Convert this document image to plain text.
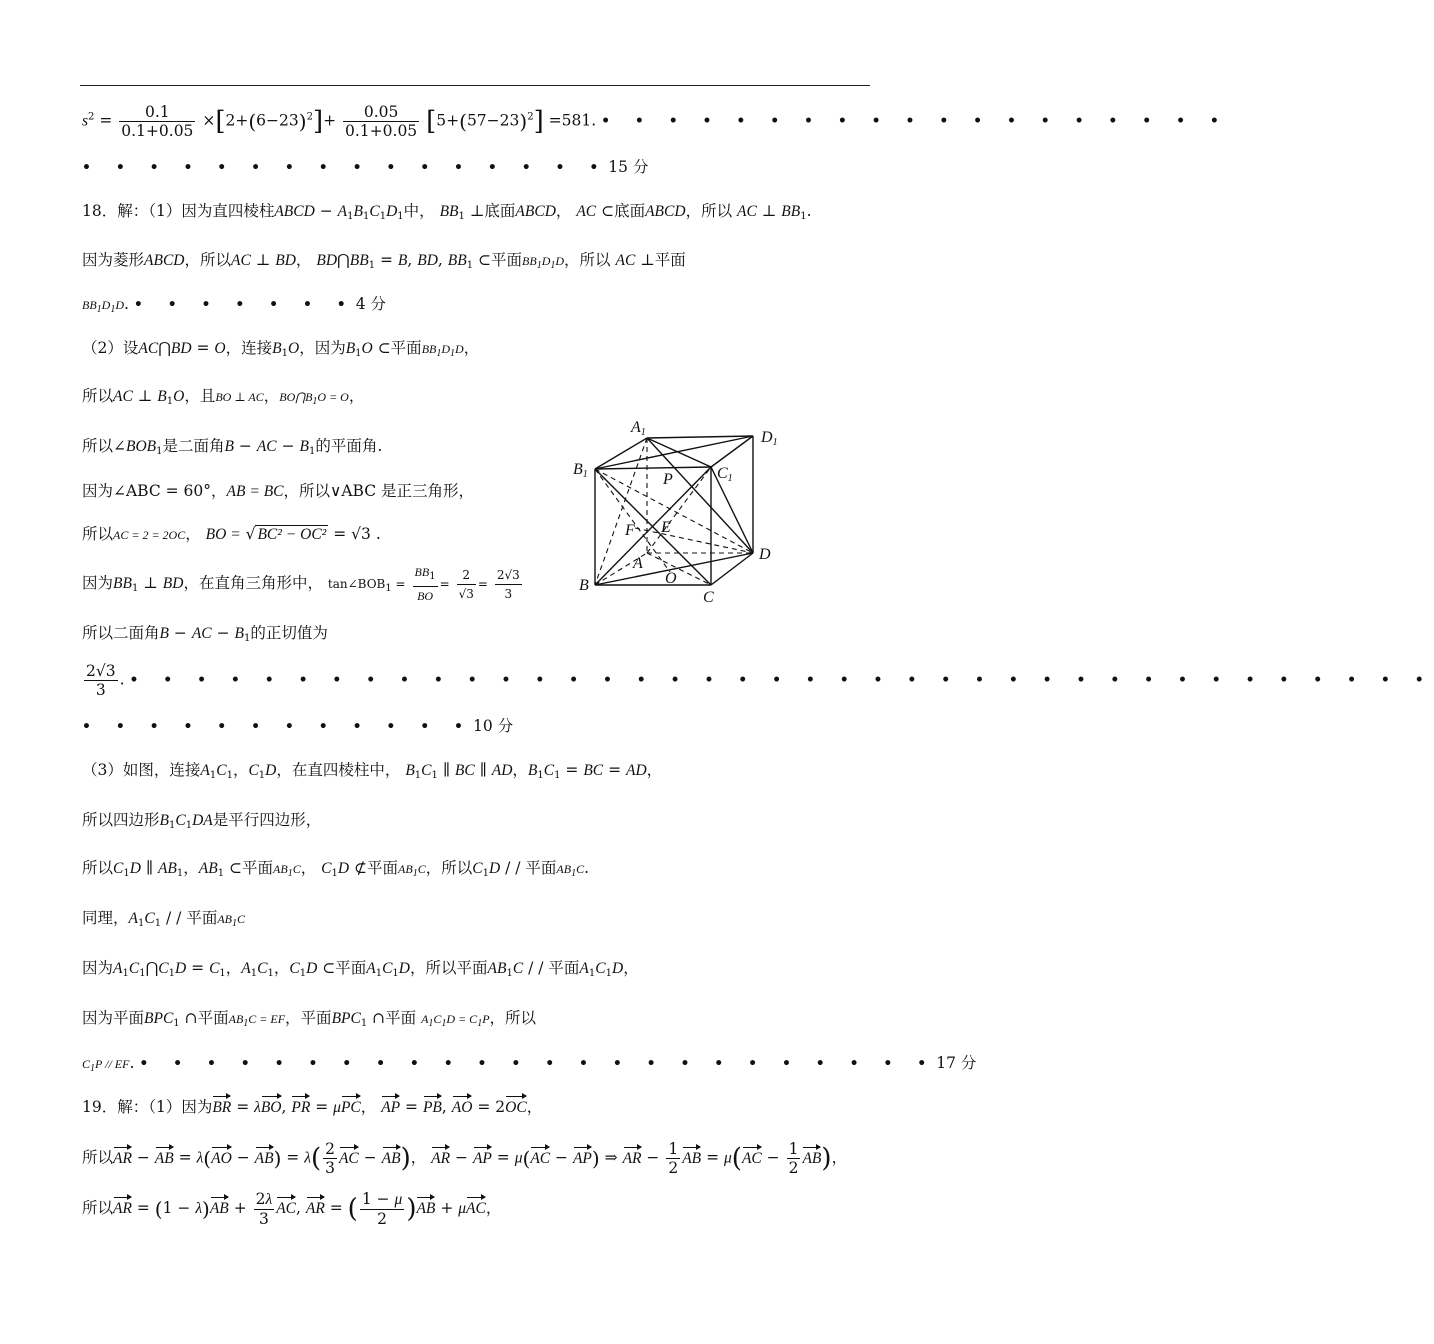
$s^2 = \frac{0.1}{0.1+0.05} \times[2+(6-23)^2]+ \frac{0.05}{0.1+0.05} [5+(57-23)^2] =581$. • • • • • • • • • • • • • • • • • • •
• • • • • • • • • • • • • • • •15 分
18．解：（1）因为直四棱柱ABCD − $A_1B_1C_1D_1$中， $BB_1$ ⊥底面ABCD， AC ⊂底面ABCD，所以 AC ⊥ $BB_1$.
因为菱形ABCD，所以AC ⊥ BD， $BD⋂BB_1 = B$, BD, $BB_1$ ⊂平面$BB_1D_1D$，所以 AC ⊥平面
$BB_1D_1D$. • • • • • • •4 分
（2）设AC⋂BD = O，连接$B_1O$，因为$B_1O$ ⊂平面$BB_1D_1D$，
所以AC ⊥ $B_1O$，且BO ⊥ AC，$BO⋂B_1O = O$，
所以$\angle BOB_1$是二面角B − AC − $B_1$的平面角.
因为∠ABC = 60°，AB = BC，所以∨ABC 是正三角形，
所以AC = 2 = 2OC， BO = √ BC² − OC² = √3 .
因为$BB_1$ ⊥ BD，在直角三角形中， $\tan\angle BOB_1 = \frac{BB_1}{BO} = \frac{2}{√3} = \frac{2√3}{3}$
所以二面角B − AC − $B_1$的正切值为
$\frac{2√3}{3}$ . • • • • • • • • • • • • • • • • • • • • • • • • • • • • • • • • • • • • • • •
• • • • • • • • • • • •10 分
（3）如图，连接$A_1C_1$，$C_1D$，在直四棱柱中， $B_1C_1$ ∥ BC ∥ AD，$B_1C_1$ = BC = AD，
所以四边形$B_1C_1DA$是平行四边形，
所以$C_1D$ ∥ $AB_1$，$AB_1$ ⊂平面$AB_1C$， $C_1D$ ⊄平面$AB_1C$，所以$C_1D$ / / 平面$AB_1C$.
同理，$A_1C_1$ / / 平面$AB_1C$
因为$A_1C_1⋂C_1D = C_1$，$A_1C_1$，$C_1D$ ⊂平面$A_1C_1D$，所以平面$AB_1C$ / / 平面$A_1C_1D$，
因为平面$BPC_1$ ∩平面$AB_1C$ = EF，平面$BPC_1$ ∩平面 $A_1C_1D = C_1P$，所以
$C_1P$ // EF. • • • • • • • • • • • • • • • • • • • • • • • •17 分
19．解：（1）因为BR = λBO, PR = μPC， AP = PB, AO = 2OC，
所以AR − AB = $\lambda(AO - AB) = \lambda( \frac{2}{3}$ AC − AB)， AR − AP = μ(AC − AP) ⇒ AR − $\frac{1}{2}$ AB = $\mu(AC - \frac{1}{2} AB)$，
所以AR = $(1 - \lambda)AB + \frac{2\lambda}{3}$ AC, AR = ( $\frac{1 - \mu}{2} )AB + \mu AC$，
A1	D1
B1	P	C1
F E
A
D
B	O
C
